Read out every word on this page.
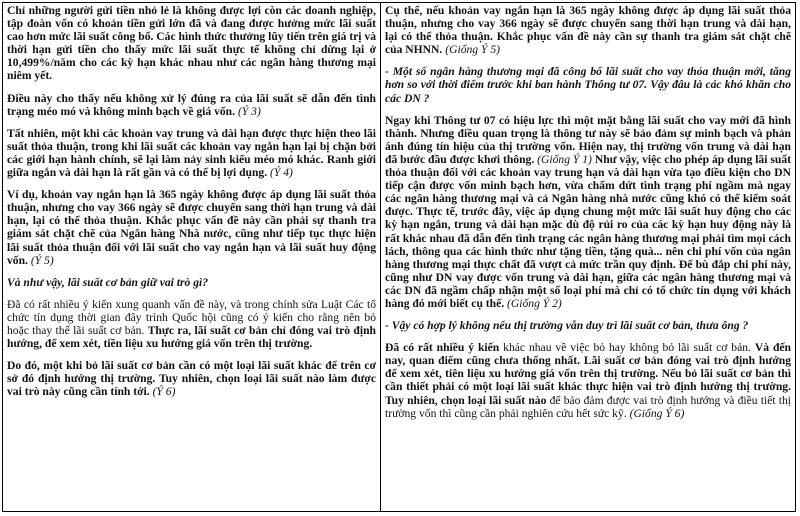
Chỉ những người gửi tiền nhỏ lẻ là không được lợi còn các doanh nghiệp, tập đoàn vốn có khoản tiền gửi lớn đã và đang được hưởng mức lãi suất cao hơn mức lãi suất công bố. Các hình thức thưởng lũy tiến trên giá trị và thời hạn gửi tiền cho thấy mức lãi suất thực tế không chỉ dừng lại ở 10,499%/năm cho các kỳ hạn khác nhau như các ngân hàng thương mại niêm yết.

Điều này cho thấy nếu không xử lý đúng ra của lãi suất sẽ dẫn đến tình trạng méo mó và không minh bạch về giá vốn. (Ý 3)

Tất nhiên, một khi các khoản vay trung và dài hạn được thực hiện theo lãi suất thỏa thuận, trong khi lãi suất các khoản vay ngắn hạn lại bị chặn bởi các giới hạn hành chính, sẽ lại làm nảy sinh kiểu méo mó khác. Ranh giới giữa ngắn và dài hạn là rất gần và có thể bị lợi dụng. (Ý 4)

Ví dụ, khoản vay ngắn hạn là 365 ngày không được áp dụng lãi suất thỏa thuận, nhưng cho vay 366 ngày sẽ được chuyển sang thời hạn trung và dài hạn, lại có thể thỏa thuận. Khắc phục vấn đề này cần phải sự thanh tra giám sát chặt chẽ của Ngân hàng Nhà nước, cũng như tiếp tục thực hiện lãi suất thỏa thuận đối với lãi suất cho vay ngắn hạn và lãi suất huy động vốn. (Ý 5)

Và như vậy, lãi suất cơ bản giữ vai trò gì?

Đã có rất nhiều ý kiến xung quanh vấn đề này, và trong chính sửa Luật Các tổ chức tín dụng thời gian đây trình Quốc hội cũng có ý kiến cho rằng nên bỏ hoặc thay thế lãi suất cơ bản. Thực ra, lãi suất cơ bản chỉ đóng vai trò định hướng, để xem xét, tiền liệu xu hướng giá vốn trên thị trường.

Do đó, một khi bỏ lãi suất cơ bản cần có một loại lãi suất khác để trên cơ sở đó định hướng thị trường. Tuy nhiên, chọn loại lãi suất nào làm được vai trò này cũng cần tính tới. (Ý 6)

Cụ thể, nếu khoản vay ngắn hạn là 365 ngày không được áp dụng lãi suất thỏa thuận, nhưng cho vay 366 ngày sẽ được chuyển sang thời hạn trung và dài hạn, lại có thể thỏa thuận. Khắc phục vấn đề này cần sự thanh tra giám sát chặt chẽ của NHNN. (Giống Ý 5)

- Một số ngân hàng thương mại đã công bố lãi suất cho vay thỏa thuận mới, tăng hơn so với thời điểm trước khi ban hành Thông tư 07. Vậy đâu là các khó khăn cho các DN ?

Ngay khi Thông tư 07 có hiệu lực thì một mặt bằng lãi suất cho vay mới đã hình thành. Nhưng điều quan trọng là thông tư này sẽ bảo đảm sự minh bạch và phản ánh đúng tín hiệu của thị trường vốn. Hiện nay, thị trường vốn trung và dài hạn đã bước đầu được khơi thông. (Giống Ý 1) Như vậy, việc cho phép áp dụng lãi suất thỏa thuận đối với các khoản vay trung hạn và dài hạn vừa tạo điều kiện cho DN tiếp cận được vốn minh bạch hơn, vừa chấm dứt tình trạng phí ngầm mà ngay các ngân hàng thương mại và cả Ngân hàng nhà nước cũng khó có thể kiểm soát được. Thực tế, trước đây, việc áp dụng chung một mức lãi suất huy động cho các kỳ hạn ngắn, trung và dài hạn mặc dù độ rủi ro của các kỳ hạn huy động này là rất khác nhau đã dẫn đến tình trạng các ngân hàng thương mại phải tìm mọi cách lách, thông qua các hình thức như tặng tiền, tặng quà... nên chi phí vốn của ngân hàng thương mại thực chất đã vượt cả mức trần quy định. Để bù đắp chi phí này, cũng như DN vay được vốn trung và dài hạn, giữa các ngân hàng thương mại và các DN đã ngầm chấp nhận một số loại phí mà chỉ có tổ chức tín dụng với khách hàng đó mới biết cụ thể. (Giống Ý 2)

- Vậy có hợp lý không nếu thị trường vẫn duy trì lãi suất cơ bản, thưa ông ?

Đã có rất nhiều ý kiến khác nhau về việc bỏ hay không bỏ lãi suất cơ bản. Và đến nay, quan điểm cũng chưa thống nhất. Lãi suất cơ bản đóng vai trò định hướng để xem xét, tiên liệu xu hướng giá vốn trên thị trường. Nếu bỏ lãi suất cơ bản thì cần thiết phải có một loại lãi suất khác thực hiện vai trò định hướng thị trường. Tuy nhiên, chọn loại lãi suất nào để bảo đảm được vai trò định hướng và điều tiết thị trường vốn thì cũng cần phải nghiên cứu hết sức kỹ. (Giống Ý 6)
